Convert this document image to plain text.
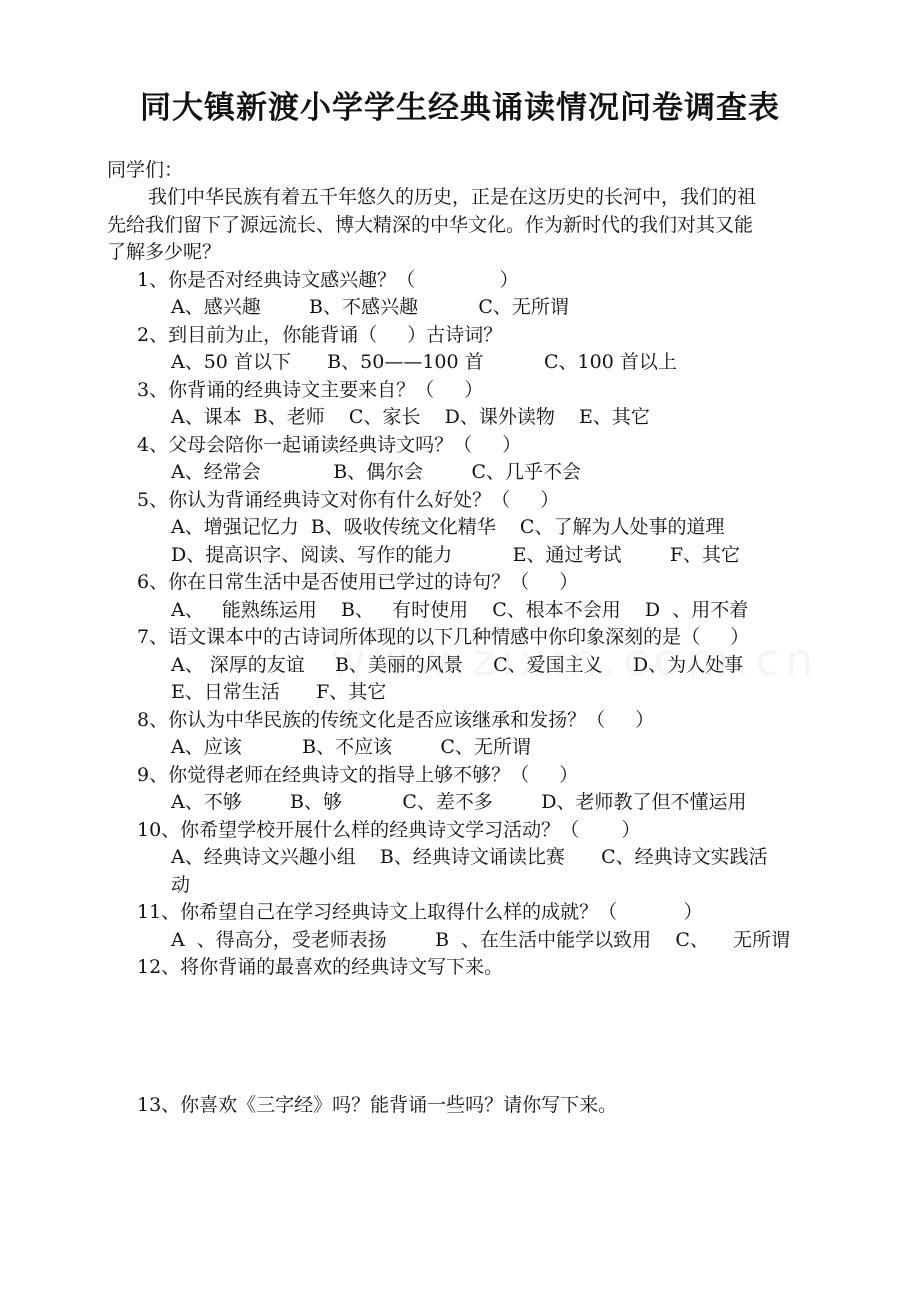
同大镇新渡小学学生经典诵读情况问卷调查表
同学们：
我们中华民族有着五千年悠久的历史，正是在这历史的长河中，我们的祖
先给我们留下了源远流长、博大精深的中华文化。作为新时代的我们对其又能
了解多少呢？
1、你是否对经典诗文感兴趣？（              ）
A、感兴趣        B、不感兴趣          C、无所谓
2、到目前为止，你能背诵（     ）古诗词？
A、50 首以下      B、50——100 首          C、100 首以上
3、你背诵的经典诗文主要来自？（     ）
A、课本  B、老师    C、家长    D、课外读物    E、其它
4、父母会陪你一起诵读经典诗文吗？（     ）
A、经常会            B、偶尔会        C、几乎不会
5、你认为背诵经典诗文对你有什么好处？（     ）
A、增强记忆力  B、吸收传统文化精华    C、了解为人处事的道理
D、提高识字、阅读、写作的能力          E、通过考试        F、其它
6、你在日常生活中是否使用已学过的诗句？（     ）
A、   能熟练运用    B、   有时使用    C、根本不会用    D  、用不着
7、语文课本中的古诗词所体现的以下几种情感中你印象深刻的是（     ）
A、 深厚的友谊     B、美丽的风景     C、爱国主义     D、为人处事
E、日常生活      F、其它
8、你认为中华民族的传统文化是否应该继承和发扬？（     ）
A、应该          B、不应该        C、无所谓
9、你觉得老师在经典诗文的指导上够不够？（     ）
A、不够        B、够          C、差不多        D、老师教了但不懂运用
10、你希望学校开展什么样的经典诗文学习活动？（       ）
A、经典诗文兴趣小组    B、经典诗文诵读比赛      C、经典诗文实践活
动
11、你希望自己在学习经典诗文上取得什么样的成就？（           ）
A  、得高分，受老师表扬        B  、在生活中能学以致用    C、    无所谓
12、将你背诵的最喜欢的经典诗文写下来。
13、你喜欢《三字经》吗？能背诵一些吗？请你写下来。
